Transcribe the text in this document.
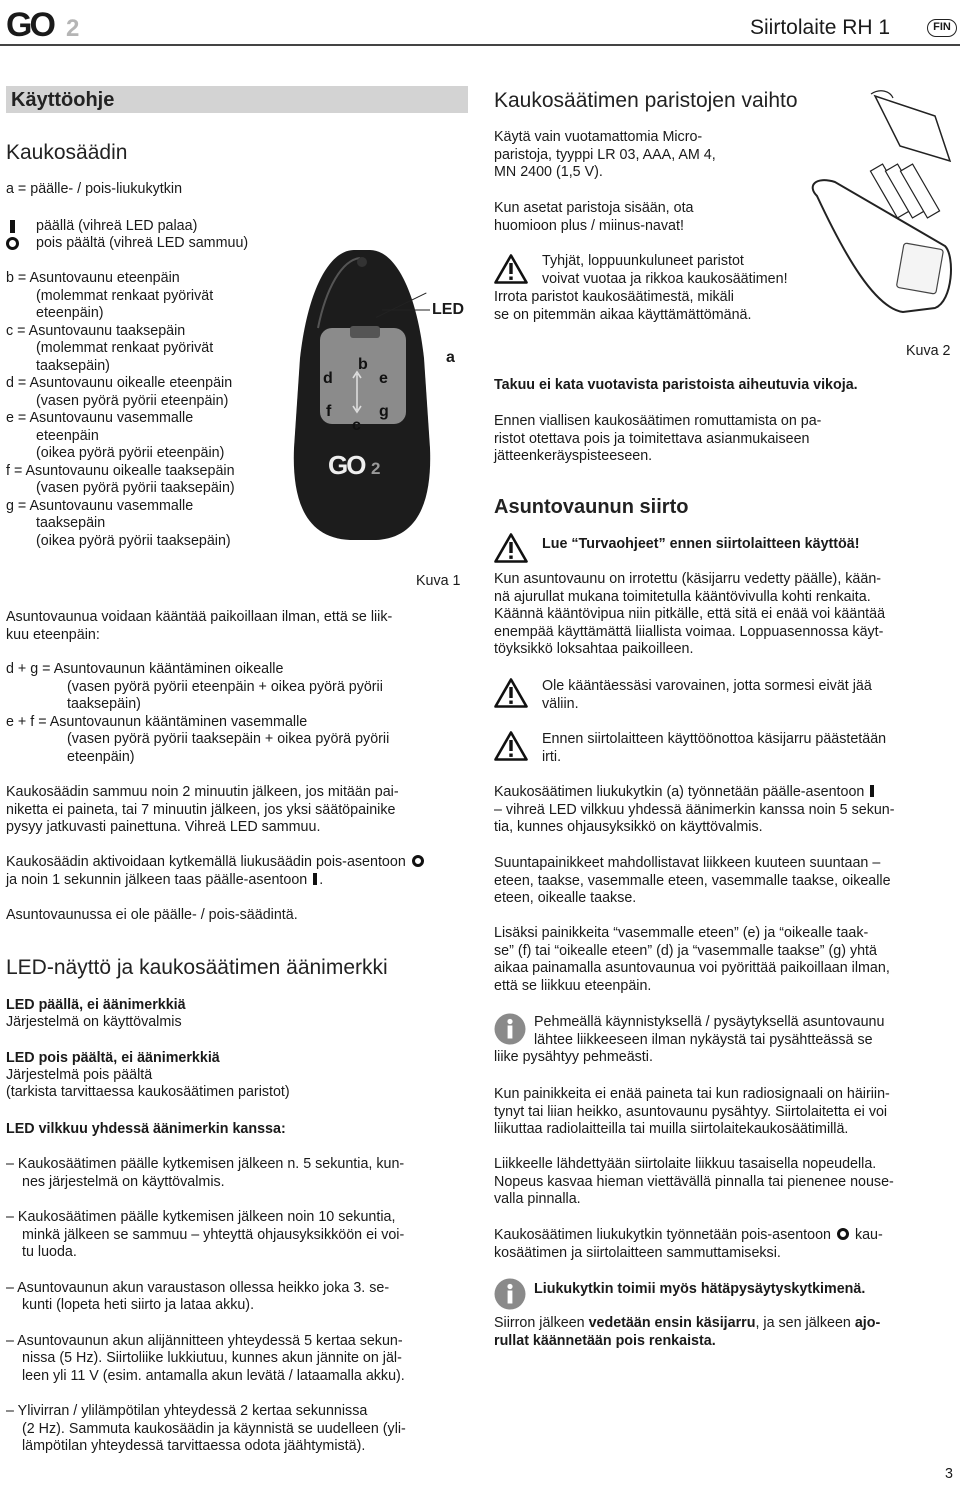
GO 2	Siirtolaite RH 1	FIN
Käyttöohje
Kaukosäädin
a = päälle- / pois-liukukytkin
päällä (vihreä LED palaa)
pois päältä (vihreä LED sammuu)
b = Asuntovaunu eteenpäin
(molemmat renkaat pyörivät
eteenpäin)
c = Asuntovaunu taaksepäin
(molemmat renkaat pyörivät
taaksepäin)
d = Asuntovaunu oikealle eteenpäin
(vasen pyörä pyörii eteenpäin)
e = Asuntovaunu vasemmalle
eteenpäin
(oikea pyörä pyörii eteenpäin)
f = Asuntovaunu oikealle taaksepäin
(vasen pyörä pyörii taaksepäin)
g = Asuntovaunu vasemmalle
taaksepäin
(oikea pyörä pyörii taaksepäin)
b
d	e
f	g
c
GO 2
LED
a
Kuva 1
Asuntovaunua voidaan kääntää paikoillaan ilman, että se liik-
kuu eteenpäin:
d + g = Asuntovaunun kääntäminen oikealle
(vasen pyörä pyörii eteenpäin + oikea pyörä pyörii
taaksepäin)
e + f = Asuntovaunun kääntäminen vasemmalle
(vasen pyörä pyörii taaksepäin + oikea pyörä pyörii
eteenpäin)
Kaukosäädin sammuu noin 2 minuutin jälkeen, jos mitään pai-
niketta ei paineta, tai 7 minuutin jälkeen, jos yksi säätöpainike
pysyy jatkuvasti painettuna. Vihreä LED sammuu.
Kaukosäädin aktivoidaan kytkemällä liukusäädin pois-asentoon
ja noin 1 sekunnin jälkeen taas päälle-asentoon .
Asuntovaunussa ei ole päälle- / pois-säädintä.
LED-näyttö ja kaukosäätimen äänimerkki
LED päällä, ei äänimerkkiä
Järjestelmä on käyttövalmis
LED pois päältä, ei äänimerkkiä
Järjestelmä pois päältä
(tarkista tarvittaessa kaukosäätimen paristot)
LED vilkkuu yhdessä äänimerkin kanssa:
– Kaukosäätimen päälle kytkemisen jälkeen n. 5 sekuntia, kun-
nes järjestelmä on käyttövalmis.
– Kaukosäätimen päälle kytkemisen jälkeen noin 10 sekuntia,
minkä jälkeen se sammuu – yhteyttä ohjausyksikköön ei voi-
tu luoda.
– Asuntovaunun akun varaustason ollessa heikko joka 3. se-
kunti (lopeta heti siirto ja lataa akku).
– Asuntovaunun akun alijännitteen yhteydessä 5 kertaa sekun-
nissa (5 Hz). Siirtoliike lukkiutuu, kunnes akun jännite on jäl-
leen yli 11 V (esim. antamalla akun levätä / lataamalla akku).
– Ylivirran / ylilämpötilan yhteydessä 2 kertaa sekunnissa
(2 Hz). Sammuta kaukosäädin ja käynnistä se uudelleen (yli-
lämpötilan yhteydessä tarvittaessa odota jäähtymistä).
Kaukosäätimen paristojen vaihto
Käytä vain vuotamattomia Micro-
paristoja, tyyppi LR 03, AAA, AM 4,
MN 2400 (1,5 V).
Kun asetat paristoja sisään, ota
huomioon plus / miinus-navat!
Tyhjät, loppuunkuluneet paristot
voivat vuotaa ja rikkoa kaukosäätimen!
Irrota paristot kaukosäätimestä, mikäli
se on pitemmän aikaa käyttämättömänä.
Kuva 2
Takuu ei kata vuotavista paristoista aiheutuvia vikoja.
Ennen viallisen kaukosäätimen romuttamista on pa-
ristot otettava pois ja toimitettava asianmukaiseen
jätteenkeräyspisteeseen.
Asuntovaunun siirto
Lue “Turvaohjeet” ennen siirtolaitteen käyttöä!
Kun asuntovaunu on irrotettu (käsijarru vedetty päälle), kään-
nä ajurullat mukana toimitetulla kääntövivulla kohti renkaita.
Käännä kääntövipua niin pitkälle, että sitä ei enää voi kääntää
enempää käyttämättä liiallista voimaa. Loppuasennossa käyt-
töyksikkö loksahtaa paikoilleen.
Ole kääntäessäsi varovainen, jotta sormesi eivät jää
väliin.
Ennen siirtolaitteen käyttöönottoa käsijarru päästetään
irti.
Kaukosäätimen liukukytkin (a) työnnetään päälle-asentoon
– vihreä LED vilkkuu yhdessä äänimerkin kanssa noin 5 sekun-
tia, kunnes ohjausyksikkö on käyttövalmis.
Suuntapainikkeet mahdollistavat liikkeen kuuteen suuntaan –
eteen, taakse, vasemmalle eteen, vasemmalle taakse, oikealle
eteen, oikealle taakse.
Lisäksi painikkeita “vasemmalle eteen” (e) ja “oikealle taak-
se” (f) tai “oikealle eteen” (d) ja “vasemmalle taakse” (g) yhtä
aikaa painamalla asuntovaunua voi pyörittää paikoillaan ilman,
että se liikkuu eteenpäin.
Pehmeällä käynnistyksellä / pysäytyksellä asuntovaunu
lähtee liikkeeseen ilman nykäystä tai pysähtteässä se
liike pysähtyy pehmeästi.
Kun painikkeita ei enää paineta tai kun radiosignaali on häiriin-
tynyt tai liian heikko, asuntovaunu pysähtyy. Siirtolaitetta ei voi
liikuttaa radiolaitteilla tai muilla siirtolaitekaukosäätimillä.
Liikkeelle lähdettyään siirtolaite liikkuu tasaisella nopeudella.
Nopeus kasvaa hieman viettävällä pinnalla tai pienenee nouse-
valla pinnalla.
Kaukosäätimen liukukytkin työnnetään pois-asentoon kau-
kosäätimen ja siirtolaitteen sammuttamiseksi.
Liukukytkin toimii myös hätäpysäytyskytkimenä.
Siirron jälkeen vedetään ensin käsijarru, ja sen jälkeen ajo-
rullat käännetään pois renkaista.
3
